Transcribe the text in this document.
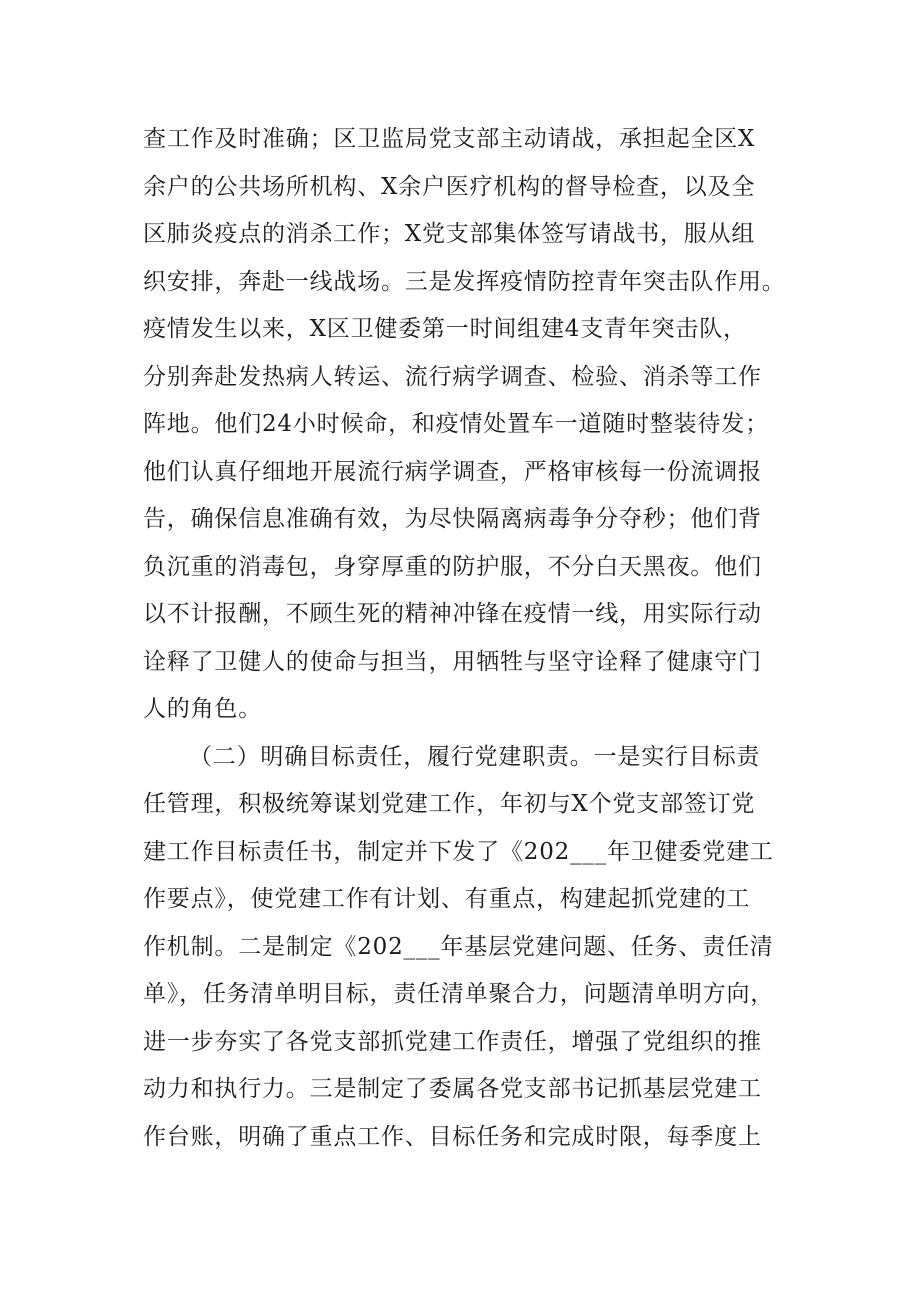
查工作及时准确；区卫监局党支部主动请战，承担起全区X
余户的公共场所机构、X余户医疗机构的督导检查，以及全
区肺炎疫点的消杀工作；X党支部集体签写请战书，服从组
织安排，奔赴一线战场。三是发挥疫情防控青年突击队作用。
疫情发生以来，X区卫健委第一时间组建4支青年突击队，
分别奔赴发热病人转运、流行病学调查、检验、消杀等工作
阵地。他们24小时候命，和疫情处置车一道随时整装待发；
他们认真仔细地开展流行病学调查，严格审核每一份流调报
告，确保信息准确有效，为尽快隔离病毒争分夺秒；他们背
负沉重的消毒包，身穿厚重的防护服，不分白天黑夜。他们
以不计报酬，不顾生死的精神冲锋在疫情一线，用实际行动
诠释了卫健人的使命与担当，用牺牲与坚守诠释了健康守门
人的角色。
（二）明确目标责任，履行党建职责。一是实行目标责
任管理，积极统筹谋划党建工作，年初与X个党支部签订党
建工作目标责任书，制定并下发了《202___年卫健委党建工
作要点》，使党建工作有计划、有重点，构建起抓党建的工
作机制。二是制定《202___年基层党建问题、任务、责任清
单》，任务清单明目标，责任清单聚合力，问题清单明方向，
进一步夯实了各党支部抓党建工作责任，增强了党组织的推
动力和执行力。三是制定了委属各党支部书记抓基层党建工
作台账，明确了重点工作、目标任务和完成时限，每季度上
